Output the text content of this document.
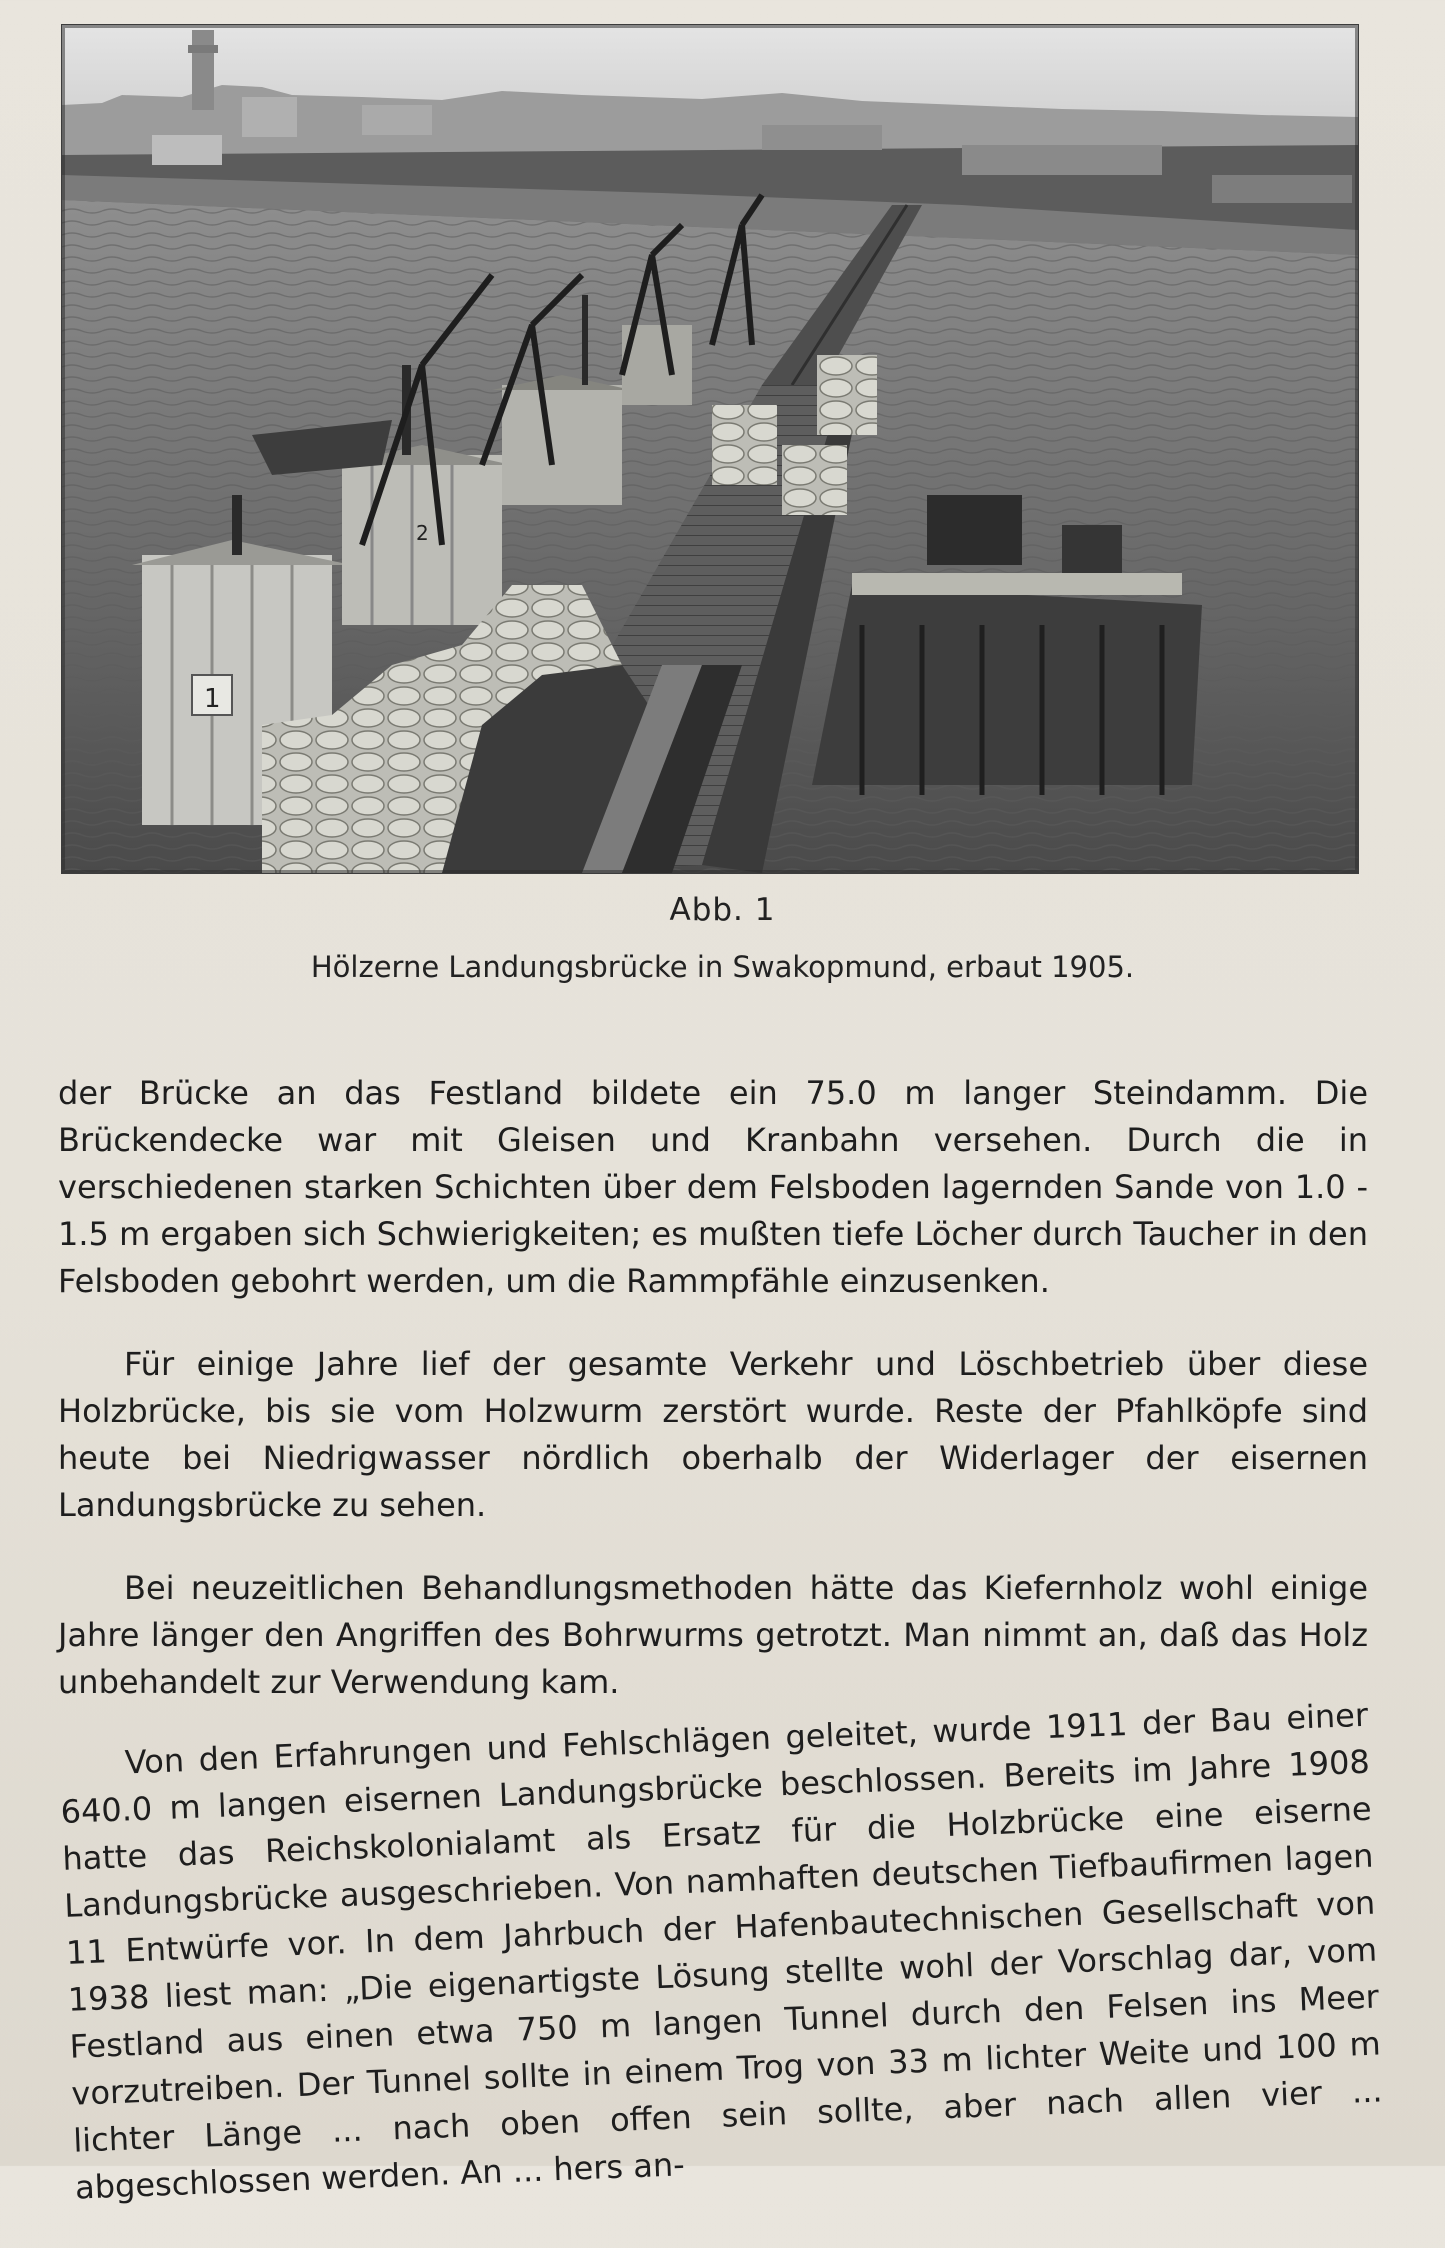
1
2
Abb. 1
Hölzerne Landungsbrücke in Swakopmund, erbaut 1905.

der Brücke an das Festland bildete ein 75.0 m langer Steindamm. Die Brückendecke war mit Gleisen und Kranbahn versehen. Durch die in verschiedenen starken Schichten über dem Felsboden lagernden Sande von 1.0 - 1.5 m ergaben sich Schwierigkeiten; es mußten tiefe Löcher durch Taucher in den Felsboden gebohrt werden, um die Rammpfähle einzusenken.

Für einige Jahre lief der gesamte Verkehr und Löschbetrieb über diese Holzbrücke, bis sie vom Holzwurm zerstört wurde. Reste der Pfahlköpfe sind heute bei Niedrigwasser nördlich oberhalb der Widerlager der eisernen Landungsbrücke zu sehen.

Bei neuzeitlichen Behandlungsmethoden hätte das Kiefernholz wohl einige Jahre länger den Angriffen des Bohrwurms getrotzt. Man nimmt an, daß das Holz unbehandelt zur Verwendung kam.

Von den Erfahrungen und Fehlschlägen geleitet, wurde 1911 der Bau einer 640.0 m langen eisernen Landungsbrücke beschlossen. Bereits im Jahre 1908 hatte das Reichskolonialamt als Ersatz für die Holzbrücke eine eiserne Landungsbrücke ausgeschrieben. Von namhaften deutschen Tiefbaufirmen lagen 11 Entwürfe vor. In dem Jahrbuch der Hafenbautechnischen Gesellschaft von 1938 liest man: „Die eigenartigste Lösung stellte wohl der Vorschlag dar, vom Festland aus einen etwa 750 m langen Tunnel durch den Felsen ins Meer vorzutreiben. Der Tunnel sollte in einem Trog von 33 m lichter Weite und 100 m lichter Länge ... nach oben offen sein sollte, aber nach allen vier ... abgeschlossen werden. An ... hers an-
